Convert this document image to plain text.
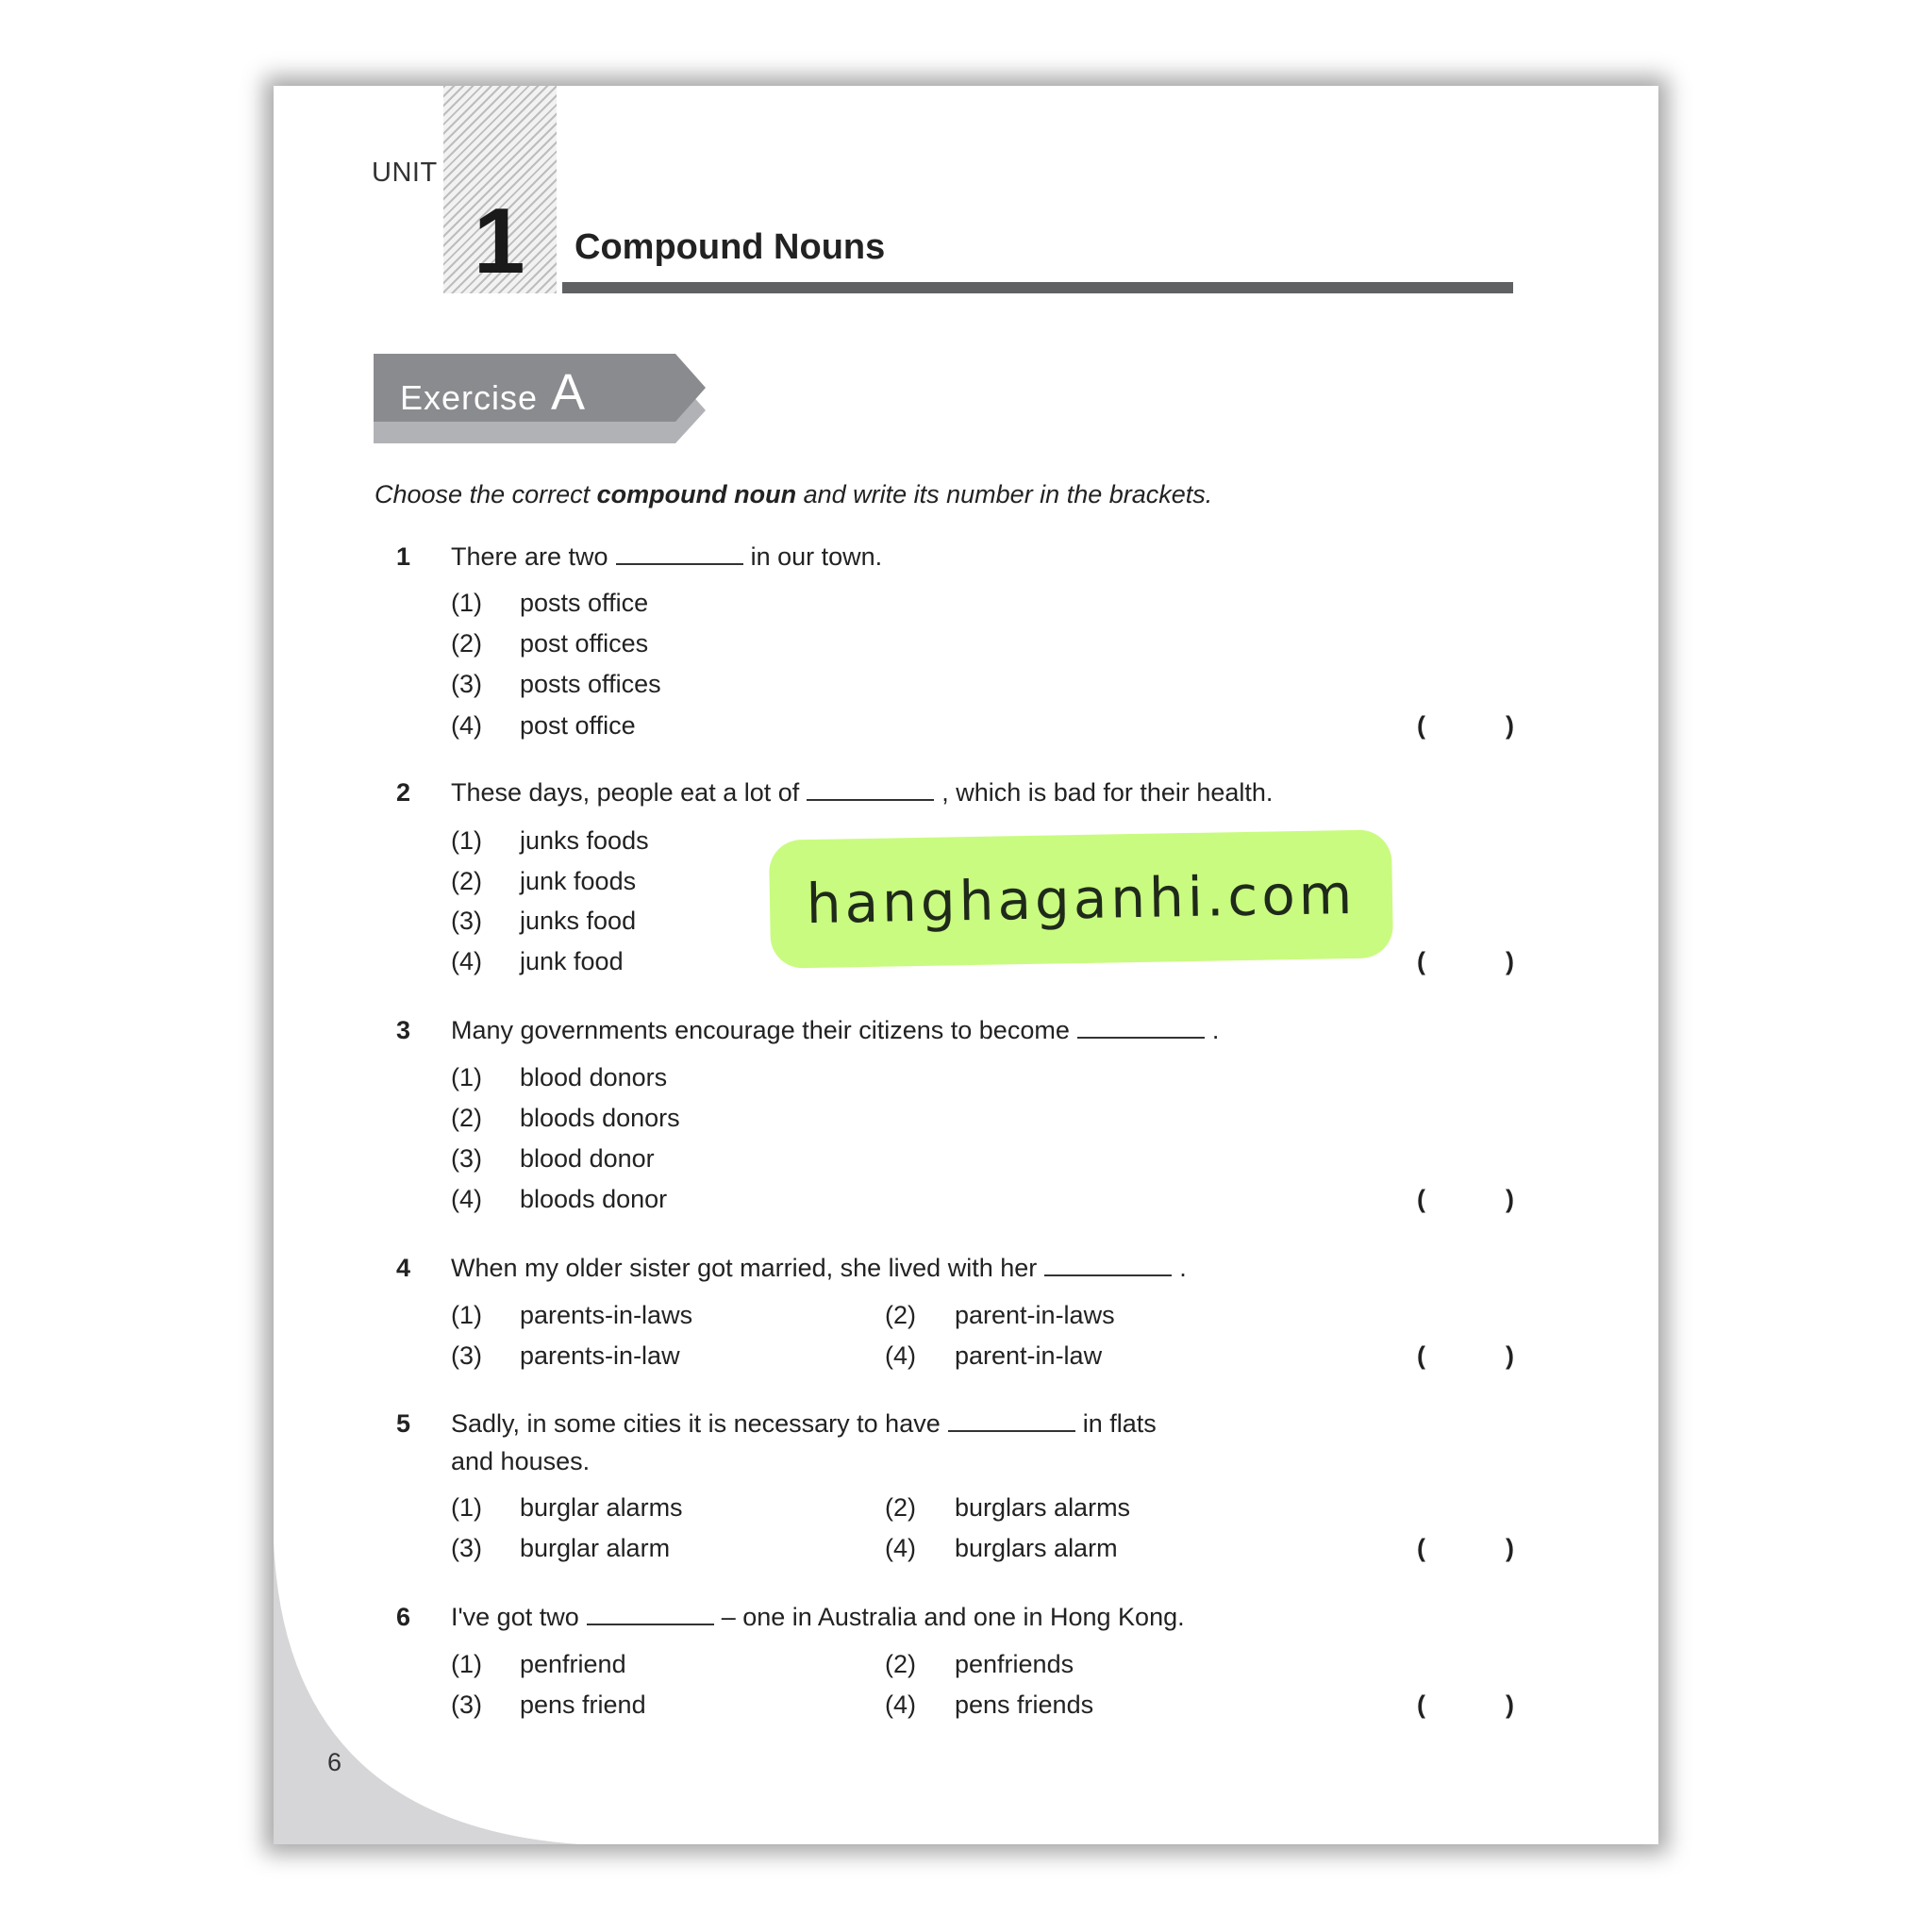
UNIT
1 Compound Nouns
Exercise A
Choose the correct compound noun and write its number in the brackets.
1 There are two	in our town.
(1) posts office
(2) post offices
(3) posts offices
(4) post office	(	)
2 These days, people eat a lot of	, which is bad for their health.
(1) junks foods
(2) junk foods
(3) junks food
(4) junk food	(	)
3 Many governments encourage their citizens to become	.
(1) blood donors
(2) bloods donors
(3) blood donor
(4) bloods donor	(	)
4 When my older sister got married, she lived with her	.
(1) parents-in-laws	(2) parent-in-laws
(3) parents-in-law	(4) parent-in-law	(	)
5 Sadly, in some cities it is necessary to have	in flats
and houses.
(1) burglar alarms	(2) burglars alarms
(3) burglar alarm	(4) burglars alarm	(	)
6 I've got two	– one in Australia and one in Hong Kong.
(1) penfriend	(2) penfriends
(3) pens friend	(4) pens friends	(	)
hanghaganhi.com
6
